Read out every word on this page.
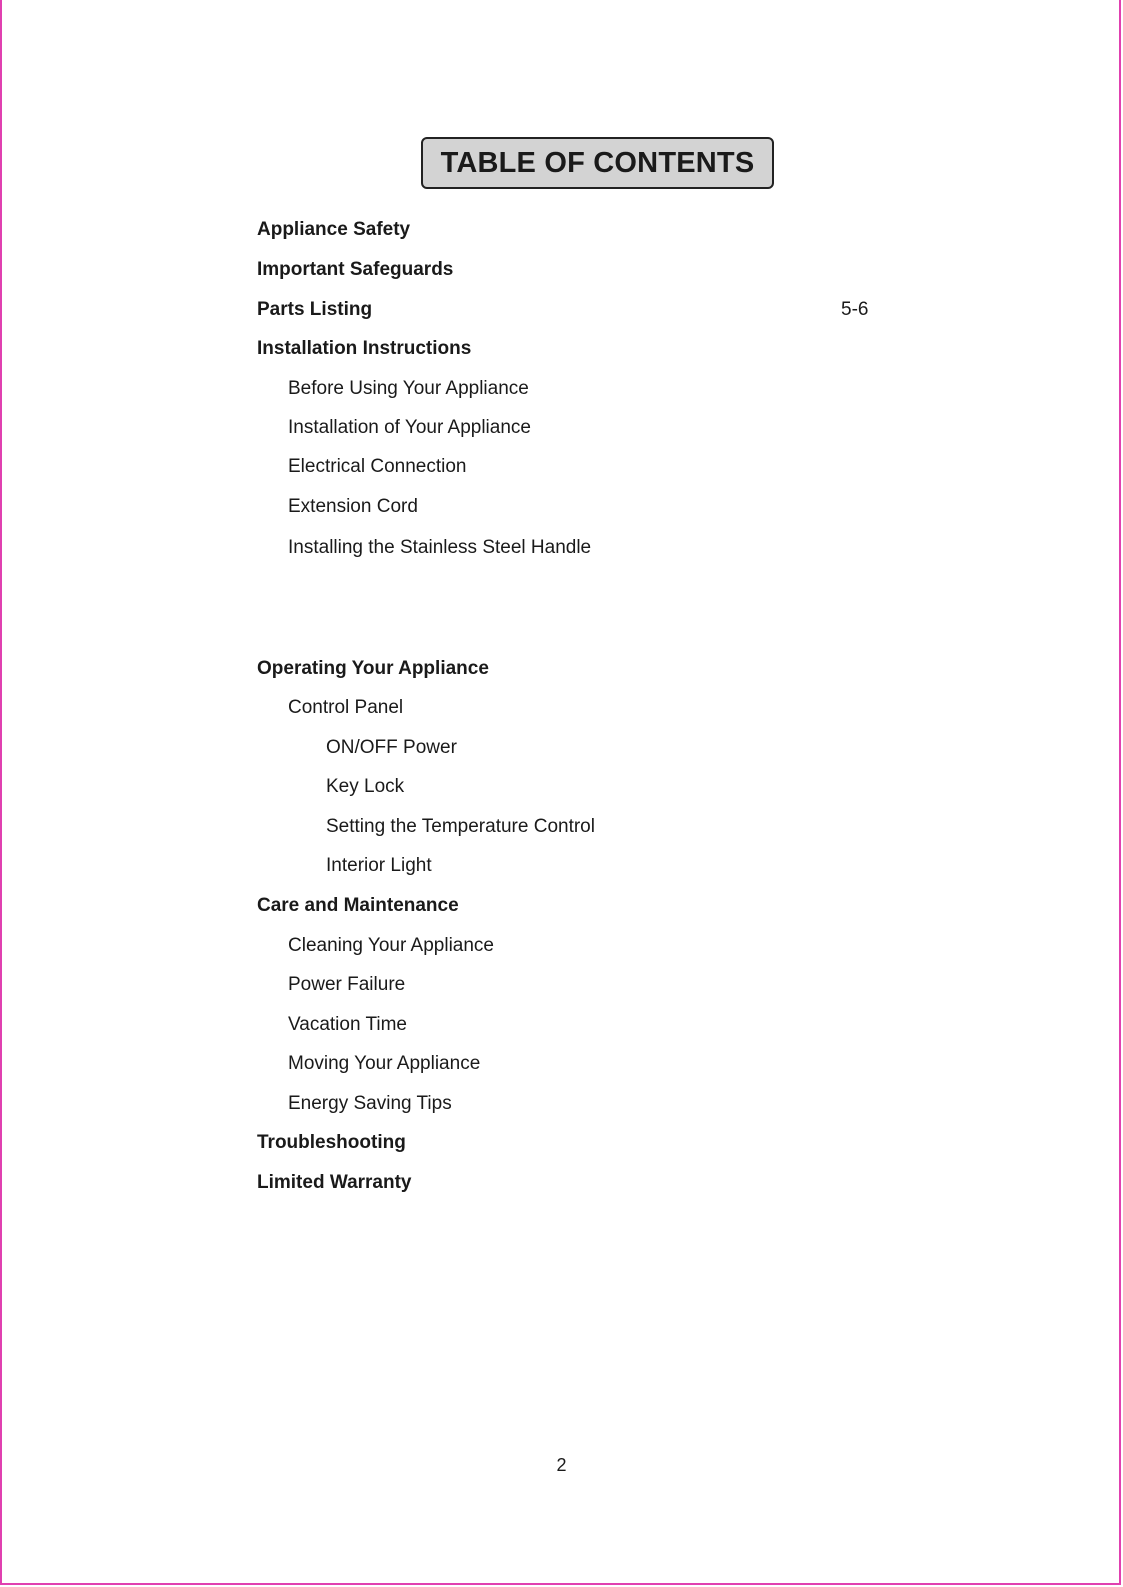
TABLE OF CONTENTS
Appliance Safety
Important Safeguards
Parts Listing	5-6
Installation Instructions
Before Using Your Appliance
Installation of Your Appliance
Electrical Connection
Extension Cord
Installing the Stainless Steel Handle
Operating Your Appliance
Control Panel
ON/OFF Power
Key Lock
Setting the Temperature Control
Interior Light
Care and Maintenance
Cleaning Your Appliance
Power Failure
Vacation Time
Moving Your Appliance
Energy Saving Tips
Troubleshooting
Limited Warranty
2
